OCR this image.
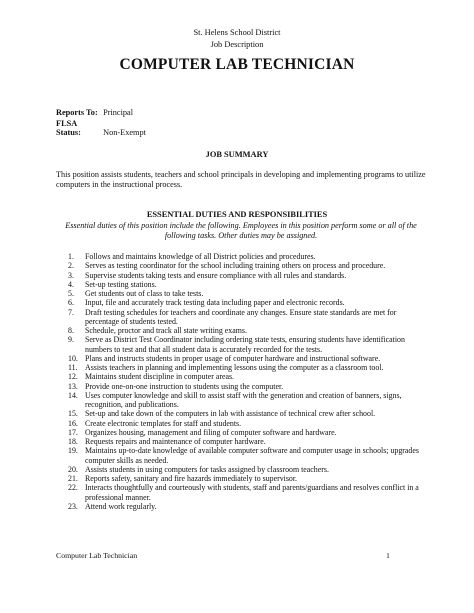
St. Helens School District
Job Description
COMPUTER LAB TECHNICIAN
Reports To: Principal
FLSA Status:	Non-Exempt
JOB SUMMARY
This position assists students, teachers and school principals in developing and implementing programs to utilize computers in the instructional process.
ESSENTIAL DUTIES AND RESPONSIBILITIES
Essential duties of this position include the following. Employees in this position perform some or all of the following tasks. Other duties may be assigned.
1. Follows and maintains knowledge of all District policies and procedures.
2. Serves as testing coordinator for the school including training others on process and procedure.
3. Supervise students taking tests and ensure compliance with all rules and standards.
4. Set-up testing stations.
5. Get students out of class to take tests.
6. Input, file and accurately track testing data including paper and electronic records.
7. Draft testing schedules for teachers and coordinate any changes. Ensure state standards are met for percentage of students tested.
8. Schedule, proctor and track all state writing exams.
9. Serve as District Test Coordinator including ordering state tests, ensuring students have identification numbers to test and that all student data is accurately recorded for the tests.
10. Plans and instructs students in proper usage of computer hardware and instructional software.
11. Assists teachers in planning and implementing lessons using the computer as a classroom tool.
12. Maintains student discipline in computer areas.
13. Provide one-on-one instruction to students using the computer.
14. Uses computer knowledge and skill to assist staff with the generation and creation of banners, signs, recognition, and publications.
15. Set-up and take down of the computers in lab with assistance of technical crew after school.
16. Create electronic templates for staff and students.
17. Organizes housing, management and filing of computer software and hardware.
18. Requests repairs and maintenance of computer hardware.
19. Maintains up-to-date knowledge of available computer software and computer usage in schools; upgrades computer skills as needed.
20. Assists students in using computers for tasks assigned by classroom teachers.
21. Reports safety, sanitary and fire hazards immediately to supervisor.
22. Interacts thoughtfully and courteously with students, staff and parents/guardians and resolves conflict in a professional manner.
23. Attend work regularly.
Computer Lab Technician	1
